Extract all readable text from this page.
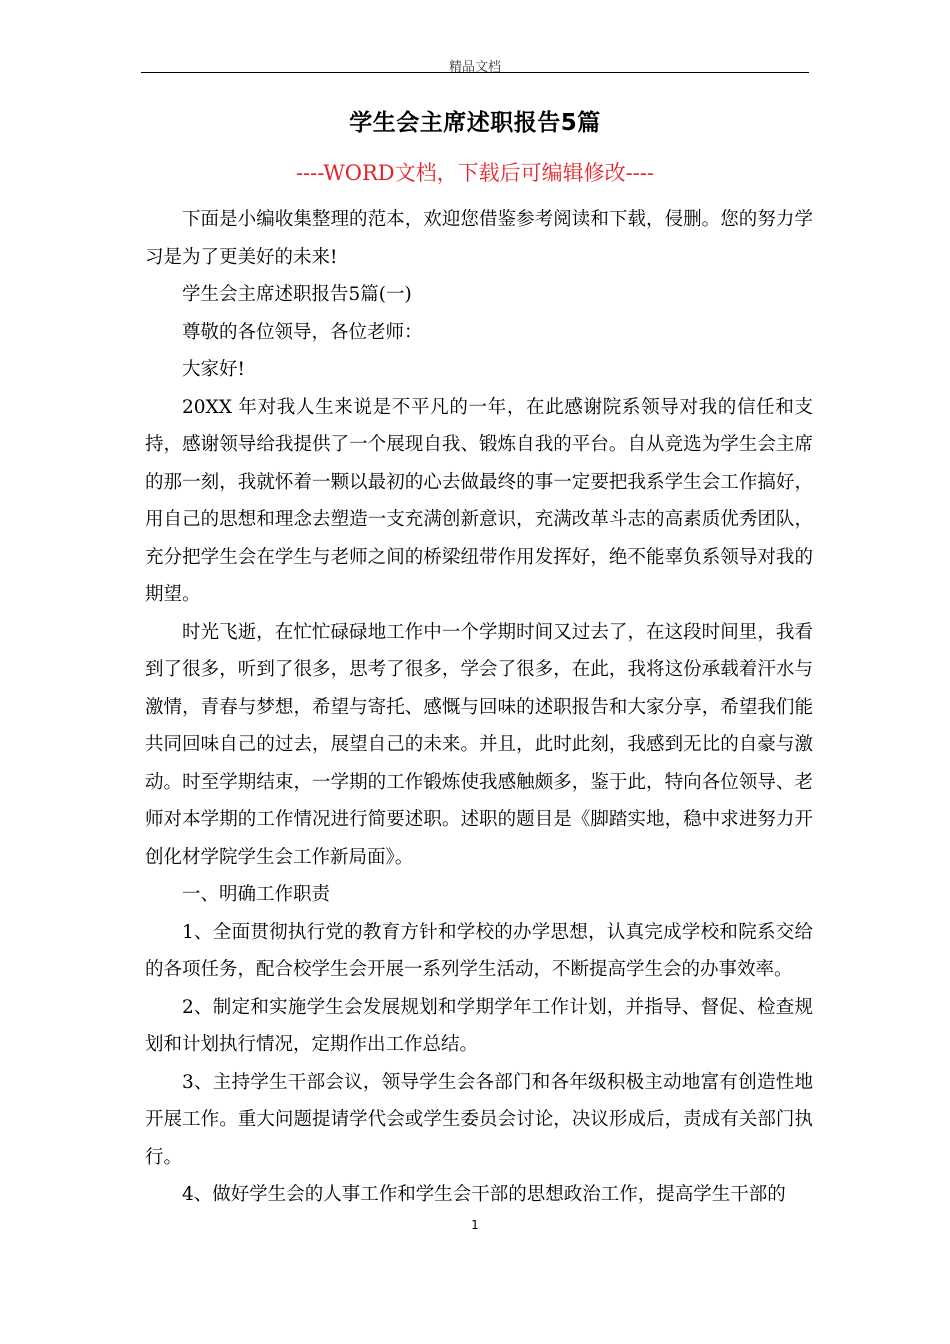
精品文档
学生会主席述职报告5篇
----WORD文档，下载后可编辑修改----

下面是小编收集整理的范本，欢迎您借鉴参考阅读和下载，侵删。您的努力学习是为了更美好的未来!

学生会主席述职报告5篇(一)

尊敬的各位领导，各位老师：

大家好!

20XX 年对我人生来说是不平凡的一年，在此感谢院系领导对我的信任和支持，感谢领导给我提供了一个展现自我、锻炼自我的平台。自从竞选为学生会主席的那一刻，我就怀着一颗以最初的心去做最终的事一定要把我系学生会工作搞好，用自己的思想和理念去塑造一支充满创新意识，充满改革斗志的高素质优秀团队，充分把学生会在学生与老师之间的桥梁纽带作用发挥好，绝不能辜负系领导对我的期望。

时光飞逝，在忙忙碌碌地工作中一个学期时间又过去了，在这段时间里，我看到了很多，听到了很多，思考了很多，学会了很多，在此，我将这份承载着汗水与激情，青春与梦想，希望与寄托、感慨与回味的述职报告和大家分享，希望我们能共同回味自己的过去，展望自己的未来。并且，此时此刻，我感到无比的自豪与激动。时至学期结束，一学期的工作锻炼使我感触颇多，鉴于此，特向各位领导、老师对本学期的工作情况进行简要述职。述职的题目是《脚踏实地，稳中求进努力开创化材学院学生会工作新局面》。

一、明确工作职责

1、全面贯彻执行党的教育方针和学校的办学思想，认真完成学校和院系交给的各项任务，配合校学生会开展一系列学生活动，不断提高学生会的办事效率。

2、制定和实施学生会发展规划和学期学年工作计划，并指导、督促、检查规划和计划执行情况，定期作出工作总结。

3、主持学生干部会议，领导学生会各部门和各年级积极主动地富有创造性地开展工作。重大问题提请学代会或学生委员会讨论，决议形成后，责成有关部门执行。

4、做好学生会的人事工作和学生会干部的思想政治工作，提高学生干部的

1
